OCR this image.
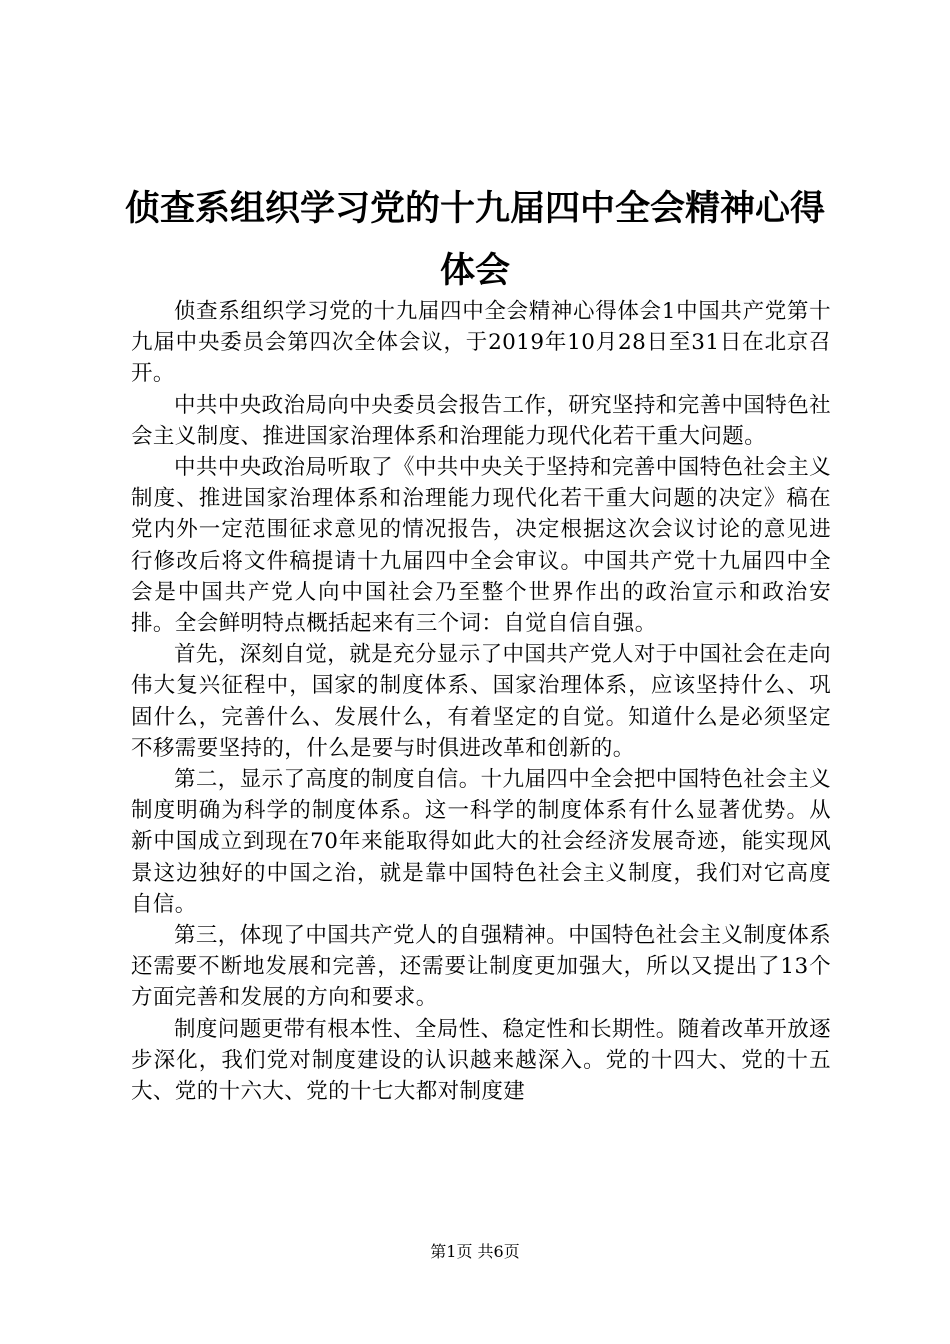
侦查系组织学习党的十九届四中全会精神心得体会

侦查系组织学习党的十九届四中全会精神心得体会1中国共产党第十九届中央委员会第四次全体会议，于2019年10月28日至31日在北京召开。

中共中央政治局向中央委员会报告工作，研究坚持和完善中国特色社会主义制度、推进国家治理体系和治理能力现代化若干重大问题。

中共中央政治局听取了《中共中央关于坚持和完善中国特色社会主义制度、推进国家治理体系和治理能力现代化若干重大问题的决定》稿在党内外一定范围征求意见的情况报告，决定根据这次会议讨论的意见进行修改后将文件稿提请十九届四中全会审议。中国共产党十九届四中全会是中国共产党人向中国社会乃至整个世界作出的政治宣示和政治安排。全会鲜明特点概括起来有三个词：自觉自信自强。

首先，深刻自觉，就是充分显示了中国共产党人对于中国社会在走向伟大复兴征程中，国家的制度体系、国家治理体系，应该坚持什么、巩固什么，完善什么、发展什么，有着坚定的自觉。知道什么是必须坚定不移需要坚持的，什么是要与时俱进改革和创新的。

第二，显示了高度的制度自信。十九届四中全会把中国特色社会主义制度明确为科学的制度体系。这一科学的制度体系有什么显著优势。从新中国成立到现在70年来能取得如此大的社会经济发展奇迹，能实现风景这边独好的中国之治，就是靠中国特色社会主义制度，我们对它高度自信。

第三，体现了中国共产党人的自强精神。中国特色社会主义制度体系还需要不断地发展和完善，还需要让制度更加强大，所以又提出了13个方面完善和发展的方向和要求。

制度问题更带有根本性、全局性、稳定性和长期性。随着改革开放逐步深化，我们党对制度建设的认识越来越深入。党的十四大、党的十五大、党的十六大、党的十七大都对制度建

第1页 共6页
